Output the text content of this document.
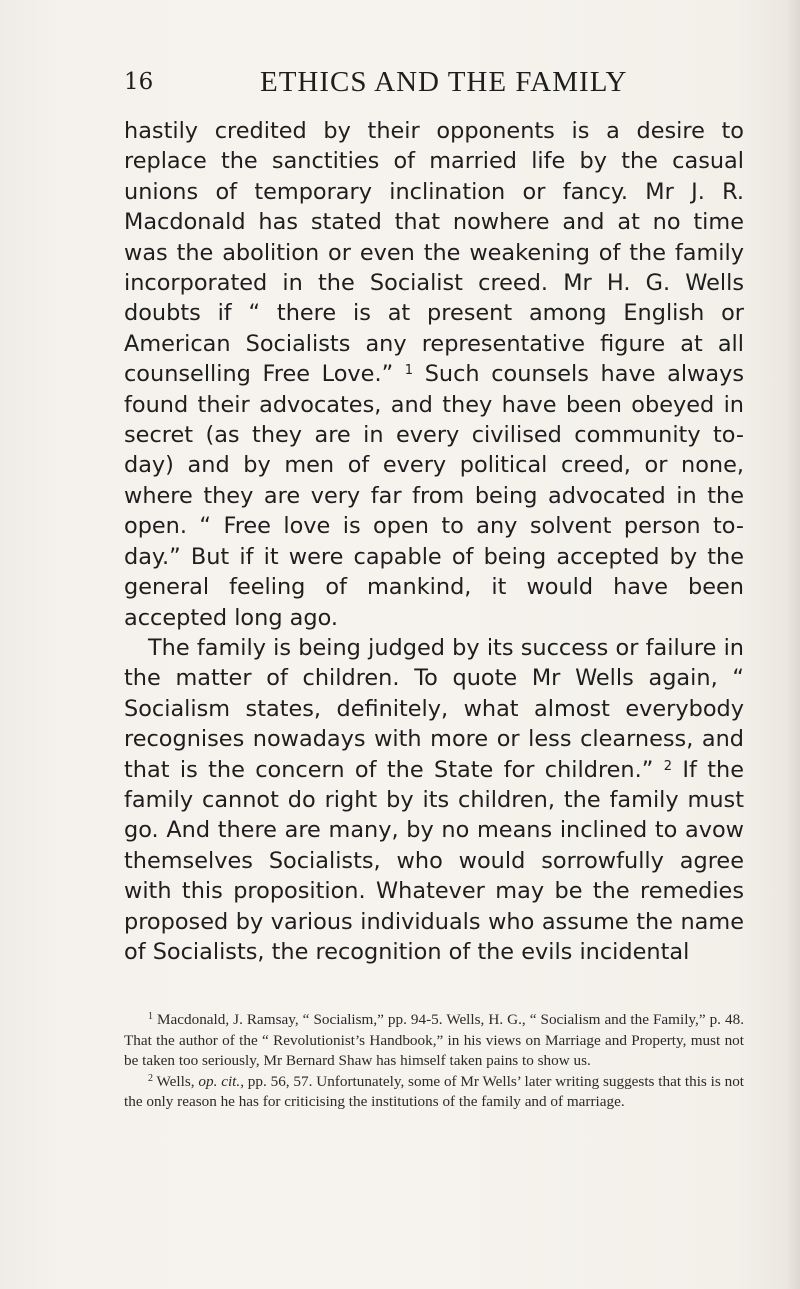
16	ETHICS AND THE FAMILY

hastily credited by their opponents is a desire to replace the sanctities of married life by the casual unions of temporary inclination or fancy. Mr J. R. Macdonald has stated that nowhere and at no time was the abolition or even the weakening of the family incorporated in the Socialist creed. Mr H. G. Wells doubts if “ there is at present among English or American Socialists any representative figure at all counselling Free Love.” $^1$ Such counsels have always found their advocates, and they have been obeyed in secret (as they are in every civilised community to-day) and by men of every political creed, or none, where they are very far from being advocated in the open. “ Free love is open to any solvent person to-day.” But if it were capable of being accepted by the general feeling of mankind, it would have been accepted long ago.

The family is being judged by its success or failure in the matter of children. To quote Mr Wells again, “ Socialism states, definitely, what almost everybody recognises nowadays with more or less clearness, and that is the concern of the State for children.” $^2$ If the family cannot do right by its children, the family must go. And there are many, by no means inclined to avow themselves Socialists, who would sorrowfully agree with this proposition. Whatever may be the remedies proposed by various individuals who assume the name of Socialists, the recognition of the evils incidental

$^1$ Macdonald, J. Ramsay, “ Socialism,” pp. 94-5. Wells, H. G., “ Socialism and the Family,” p. 48. That the author of the “ Revolutionist’s Handbook,” in his views on Marriage and Property, must not be taken too seriously, Mr Bernard Shaw has himself taken pains to show us.

$^2$ Wells, op. cit., pp. 56, 57. Unfortunately, some of Mr Wells’ later writing suggests that this is not the only reason he has for criticising the institutions of the family and of marriage.
